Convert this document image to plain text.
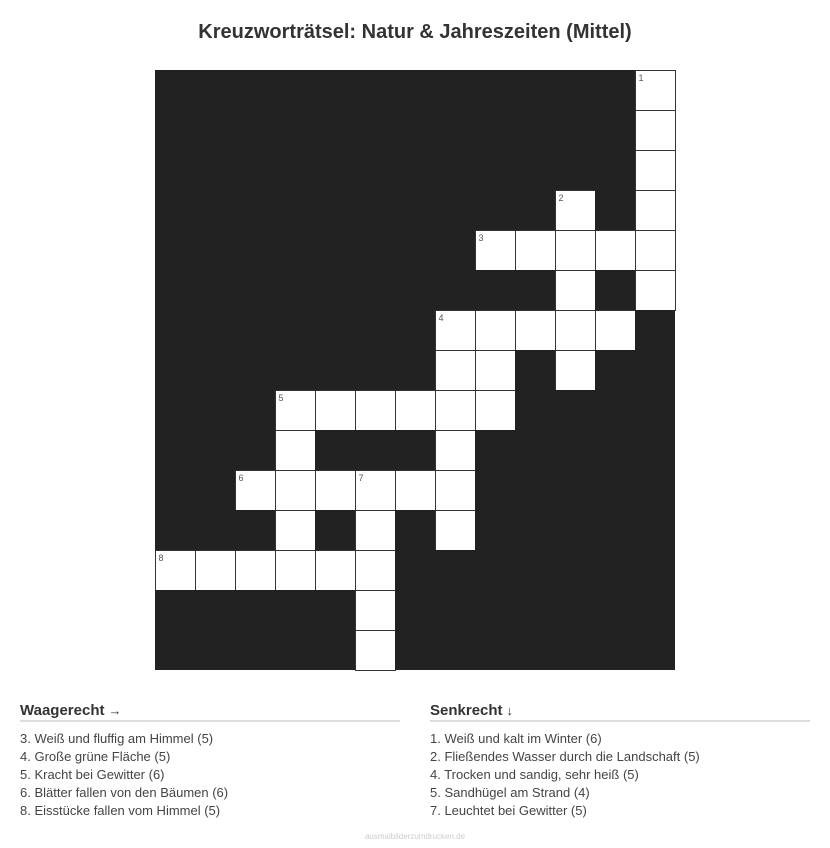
Kreuzworträtsel: Natur & Jahreszeiten (Mittel)
1
2
3
4
5
6	7
8
Waagerecht →
3. Weiß und fluffig am Himmel (5)
4. Große grüne Fläche (5)
5. Kracht bei Gewitter (6)
6. Blätter fallen von den Bäumen (6)
8. Eisstücke fallen vom Himmel (5)
Senkrecht ↓
1. Weiß und kalt im Winter (6)
2. Fließendes Wasser durch die Landschaft (5)
4. Trocken und sandig, sehr heiß (5)
5. Sandhügel am Strand (4)
7. Leuchtet bei Gewitter (5)
ausmalbilderzumdrucken.de
